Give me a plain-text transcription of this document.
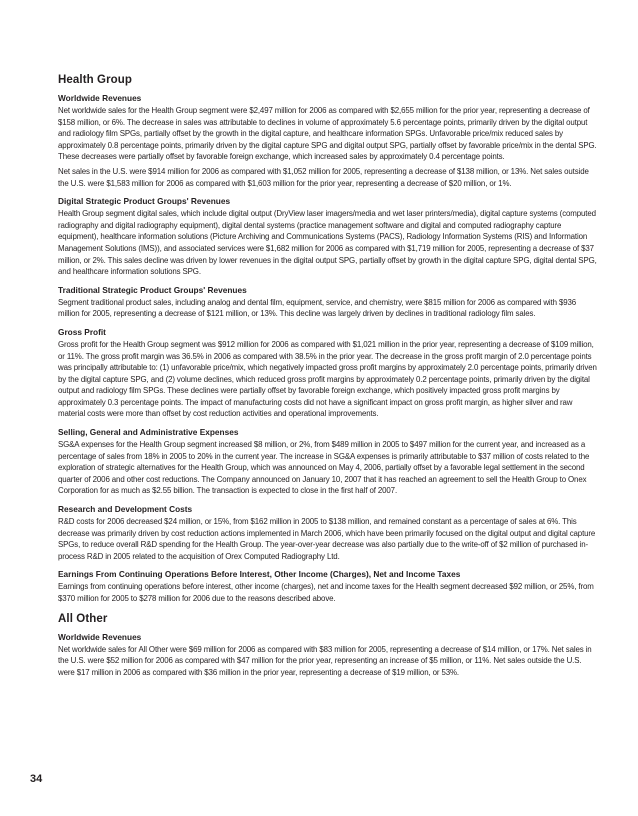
Health Group
Worldwide Revenues
Net worldwide sales for the Health Group segment were $2,497 million for 2006 as compared with $2,655 million for the prior year, representing a decrease of $158 million, or 6%. The decrease in sales was attributable to declines in volume of approximately 5.6 percentage points, primarily driven by the digital output and radiology film SPGs, partially offset by the growth in the digital capture, and healthcare information SPGs. Unfavorable price/mix reduced sales by approximately 0.8 percentage points, primarily driven by the digital capture SPG and digital output SPG, partially offset by favorable price/mix in the dental SPG. These decreases were partially offset by favorable foreign exchange, which increased sales by approximately 0.4 percentage points.
Net sales in the U.S. were $914 million for 2006 as compared with $1,052 million for 2005, representing a decrease of $138 million, or 13%. Net sales outside the U.S. were $1,583 million for 2006 as compared with $1,603 million for the prior year, representing a decrease of $20 million, or 1%.
Digital Strategic Product Groups' Revenues
Health Group segment digital sales, which include digital output (DryView laser imagers/media and wet laser printers/media), digital capture systems (computed radiography and digital radiography equipment), digital dental systems (practice management software and digital and computed radiography capture equipment), healthcare information solutions (Picture Archiving and Communications Systems (PACS), Radiology Information Systems (RIS) and Information Management Solutions (IMS)), and associated services were $1,682 million for 2006 as compared with $1,719 million for 2005, representing a decrease of $37 million, or 2%. This sales decline was driven by lower revenues in the digital output SPG, partially offset by growth in the digital capture SPG, digital dental SPG, and healthcare information solutions SPG.
Traditional Strategic Product Groups' Revenues
Segment traditional product sales, including analog and dental film, equipment, service, and chemistry, were $815 million for 2006 as compared with $936 million for 2005, representing a decrease of $121 million, or 13%. This decline was largely driven by declines in traditional radiology film sales.
Gross Profit
Gross profit for the Health Group segment was $912 million for 2006 as compared with $1,021 million in the prior year, representing a decrease of $109 million, or 11%. The gross profit margin was 36.5% in 2006 as compared with 38.5% in the prior year. The decrease in the gross profit margin of 2.0 percentage points was principally attributable to: (1) unfavorable price/mix, which negatively impacted gross profit margins by approximately 2.0 percentage points, primarily driven by the digital capture SPG, and (2) volume declines, which reduced gross profit margins by approximately 0.2 percentage points, primarily driven by the digital output and radiology film SPGs. These declines were partially offset by favorable foreign exchange, which positively impacted gross profit margins by approximately 0.3 percentage points. The impact of manufacturing costs did not have a significant impact on gross profit margin, as higher silver and raw material costs were more than offset by cost reduction activities and operational improvements.
Selling, General and Administrative Expenses
SG&A expenses for the Health Group segment increased $8 million, or 2%, from $489 million in 2005 to $497 million for the current year, and increased as a percentage of sales from 18% in 2005 to 20% in the current year. The increase in SG&A expenses is primarily attributable to $37 million of costs related to the exploration of strategic alternatives for the Health Group, which was announced on May 4, 2006, partially offset by a favorable legal settlement in the second quarter of 2006 and other cost reductions. The Company announced on January 10, 2007 that it has reached an agreement to sell the Health Group to Onex Corporation for as much as $2.55 billion. The transaction is expected to close in the first half of 2007.
Research and Development Costs
R&D costs for 2006 decreased $24 million, or 15%, from $162 million in 2005 to $138 million, and remained constant as a percentage of sales at 6%. This decrease was primarily driven by cost reduction actions implemented in March 2006, which have been primarily focused on the digital output and digital capture SPGs, to reduce overall R&D spending for the Health Group. The year-over-year decrease was also partially due to the write-off of $2 million of purchased in-process R&D in 2005 related to the acquisition of Orex Computed Radiography Ltd.
Earnings From Continuing Operations Before Interest, Other Income (Charges), Net and Income Taxes
Earnings from continuing operations before interest, other income (charges), net and income taxes for the Health segment decreased $92 million, or 25%, from $370 million for 2005 to $278 million for 2006 due to the reasons described above.
All Other
Worldwide Revenues
Net worldwide sales for All Other were $69 million for 2006 as compared with $83 million for 2005, representing a decrease of $14 million, or 17%. Net sales in the U.S. were $52 million for 2006 as compared with $47 million for the prior year, representing an increase of $5 million, or 11%. Net sales outside the U.S. were $17 million in 2006 as compared with $36 million in the prior year, representing a decrease of $19 million, or 53%.
34
